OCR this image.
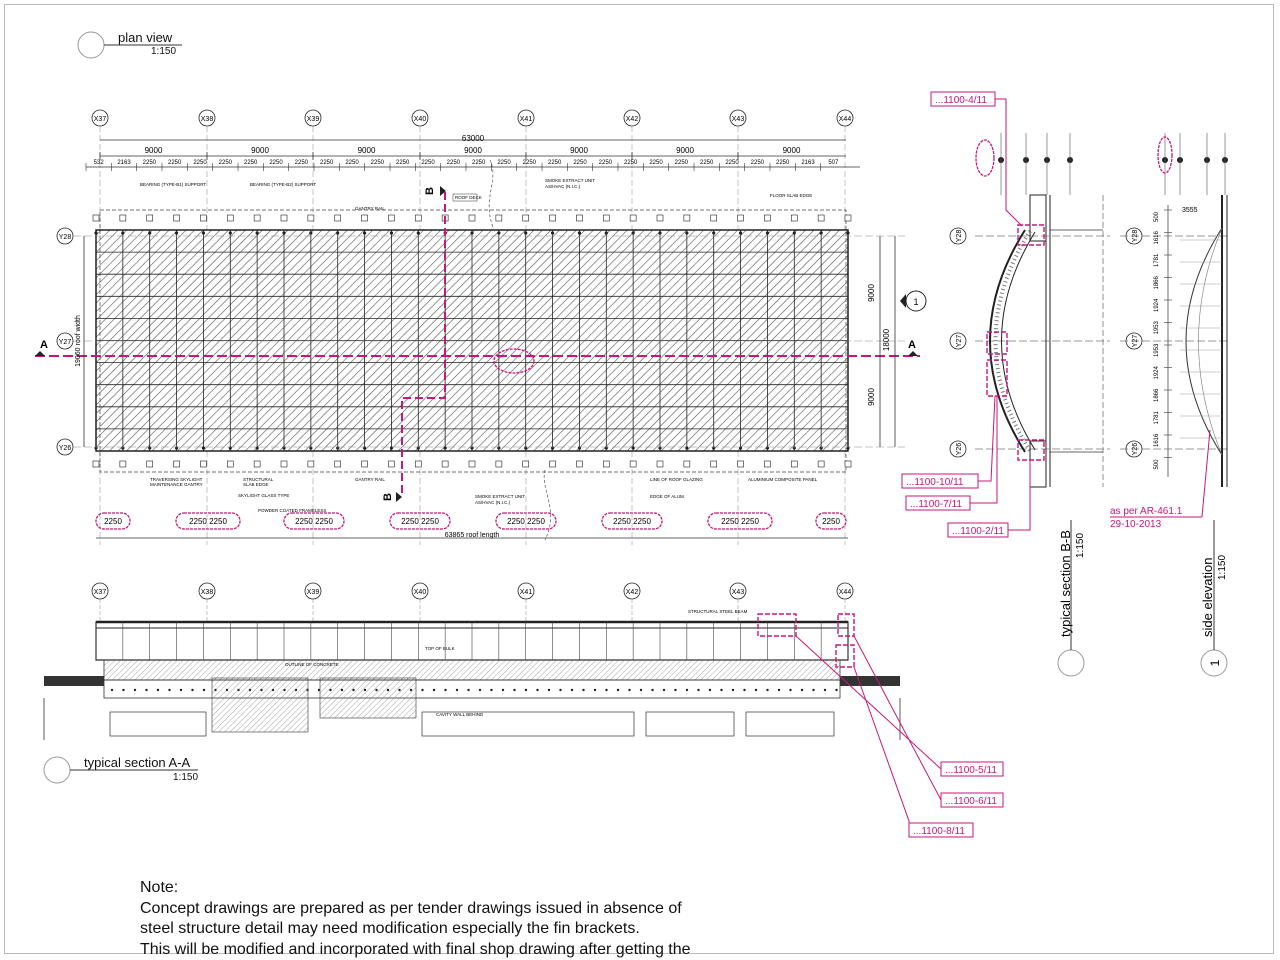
X37	X38	X39	X40	X41	X42	X43	X44
63000
9000	9000	9000	9000	9000	9000	9000
532 2163 2250 2250 2250 2250 2250 2250 2250 2250 2250 2250 2250 2250 2250 2250 2250 2250 2250 2250 2250 2250 2250 2250 2250 2250 2250 2250 2163 507
Y28
Y27
Y26
A	A
B
B
9000
18000
9000
19060 roof width
1
BEARING (TYPE-B1) SUPPORT	BEARING (TYPE-B2) SUPPORT
GANTRY RAIL
ROOF DECK
SMOKE EXTRACT UNIT
AS/HVAC (N.I.C.)
FLOOR SLAB EDGE
TRAVERSING SKYLIGHT
MAINTENANCE GANTRY
STRUCTURAL
SLAB EDGE
SKYLIGHT GLASS TYPE
POWDER COATED FRAMELESS
GANTRY RAIL
SMOKE EXTRACT UNIT
AS/HVAC (N.I.C.)
LINE OF ROOF GLAZING
EDGE OF ALUM.
ALUMINIUM COMPOSITE PANEL
2250	2250 2250	2250 2250	2250 2250	2250 2250	2250 2250	2250 2250	2250
63865 roof length
X37	X38	X39	X40	X41	X42	X43	X44
STRUCTURAL STEEL BEAM
TOP OF BULK
OUTLINE OF CONCRETE
CAVITY WALL BEHIND
...1100-5/11
...1100-6/11
...1100-8/11
Y28
Y27
Y26
...1100-4/11
...1100-10/11
...1100-7/11
...1100-2/11	typical section B-B 1:150
Y28
Y27
Y26
500
1616
1781
1866
1924
1953
1953
1924
1866
1781
1616
500
3555
as per AR-461.1
29-10-2013
1
side elevation 1:150
plan view
1:150
typical section A-A
1:150
Note:
Concept drawings are prepared as per tender drawings issued in absence of
steel structure detail may need modification especially the fin brackets.
This will be modified and incorporated with final shop drawing after getting the
